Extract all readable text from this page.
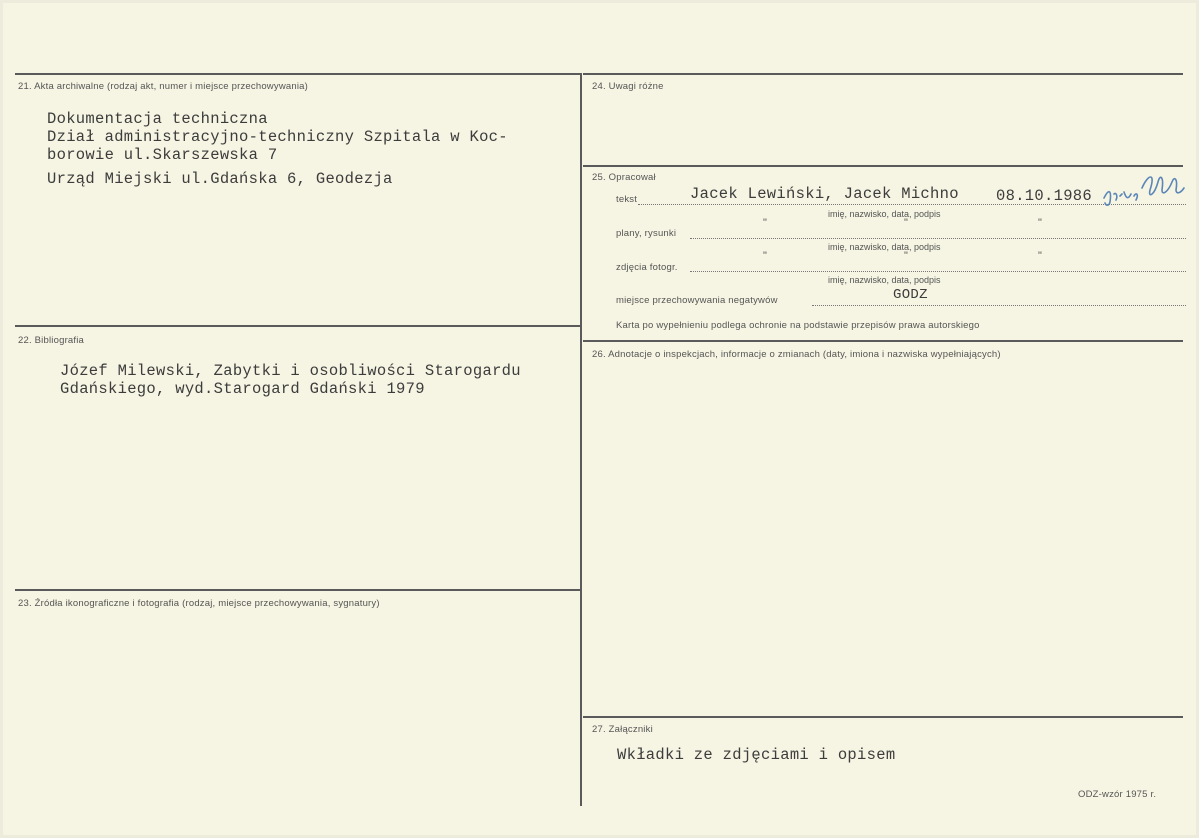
21. Akta archiwalne (rodzaj akt, numer i miejsce przechowywania)
Dokumentacja techniczna
Dział administracyjno-techniczny Szpitala w Koc-
borowie ul.Skarszewska 7
Urząd Miejski ul.Gdańska 6, Geodezja
22. Bibliografia
Józef Milewski, Zabytki i osobliwości Starogardu
Gdańskiego, wyd.Starogard Gdański 1979
23. Źródła ikonograficzne i fotografia (rodzaj, miejsce przechowywania, sygnatury)
24. Uwagi różne
25. Opracował
tekst	Jacek Lewiński, Jacek Michno 08.10.1986
imię, nazwisko, data, podpis
"	"	"
plany, rysunki
imię, nazwisko, data, podpis
"	"	"
zdjęcia fotogr.
imię, nazwisko, data, podpis
miejsce przechowywania negatywów	GODZ
Karta po wypełnieniu podlega ochronie na podstawie przepisów prawa autorskiego
26. Adnotacje o inspekcjach, informacje o zmianach (daty, imiona i nazwiska wypełniających)
27. Załączniki
Wkładki ze zdjęciami i opisem
ODZ-wzór 1975 r.
